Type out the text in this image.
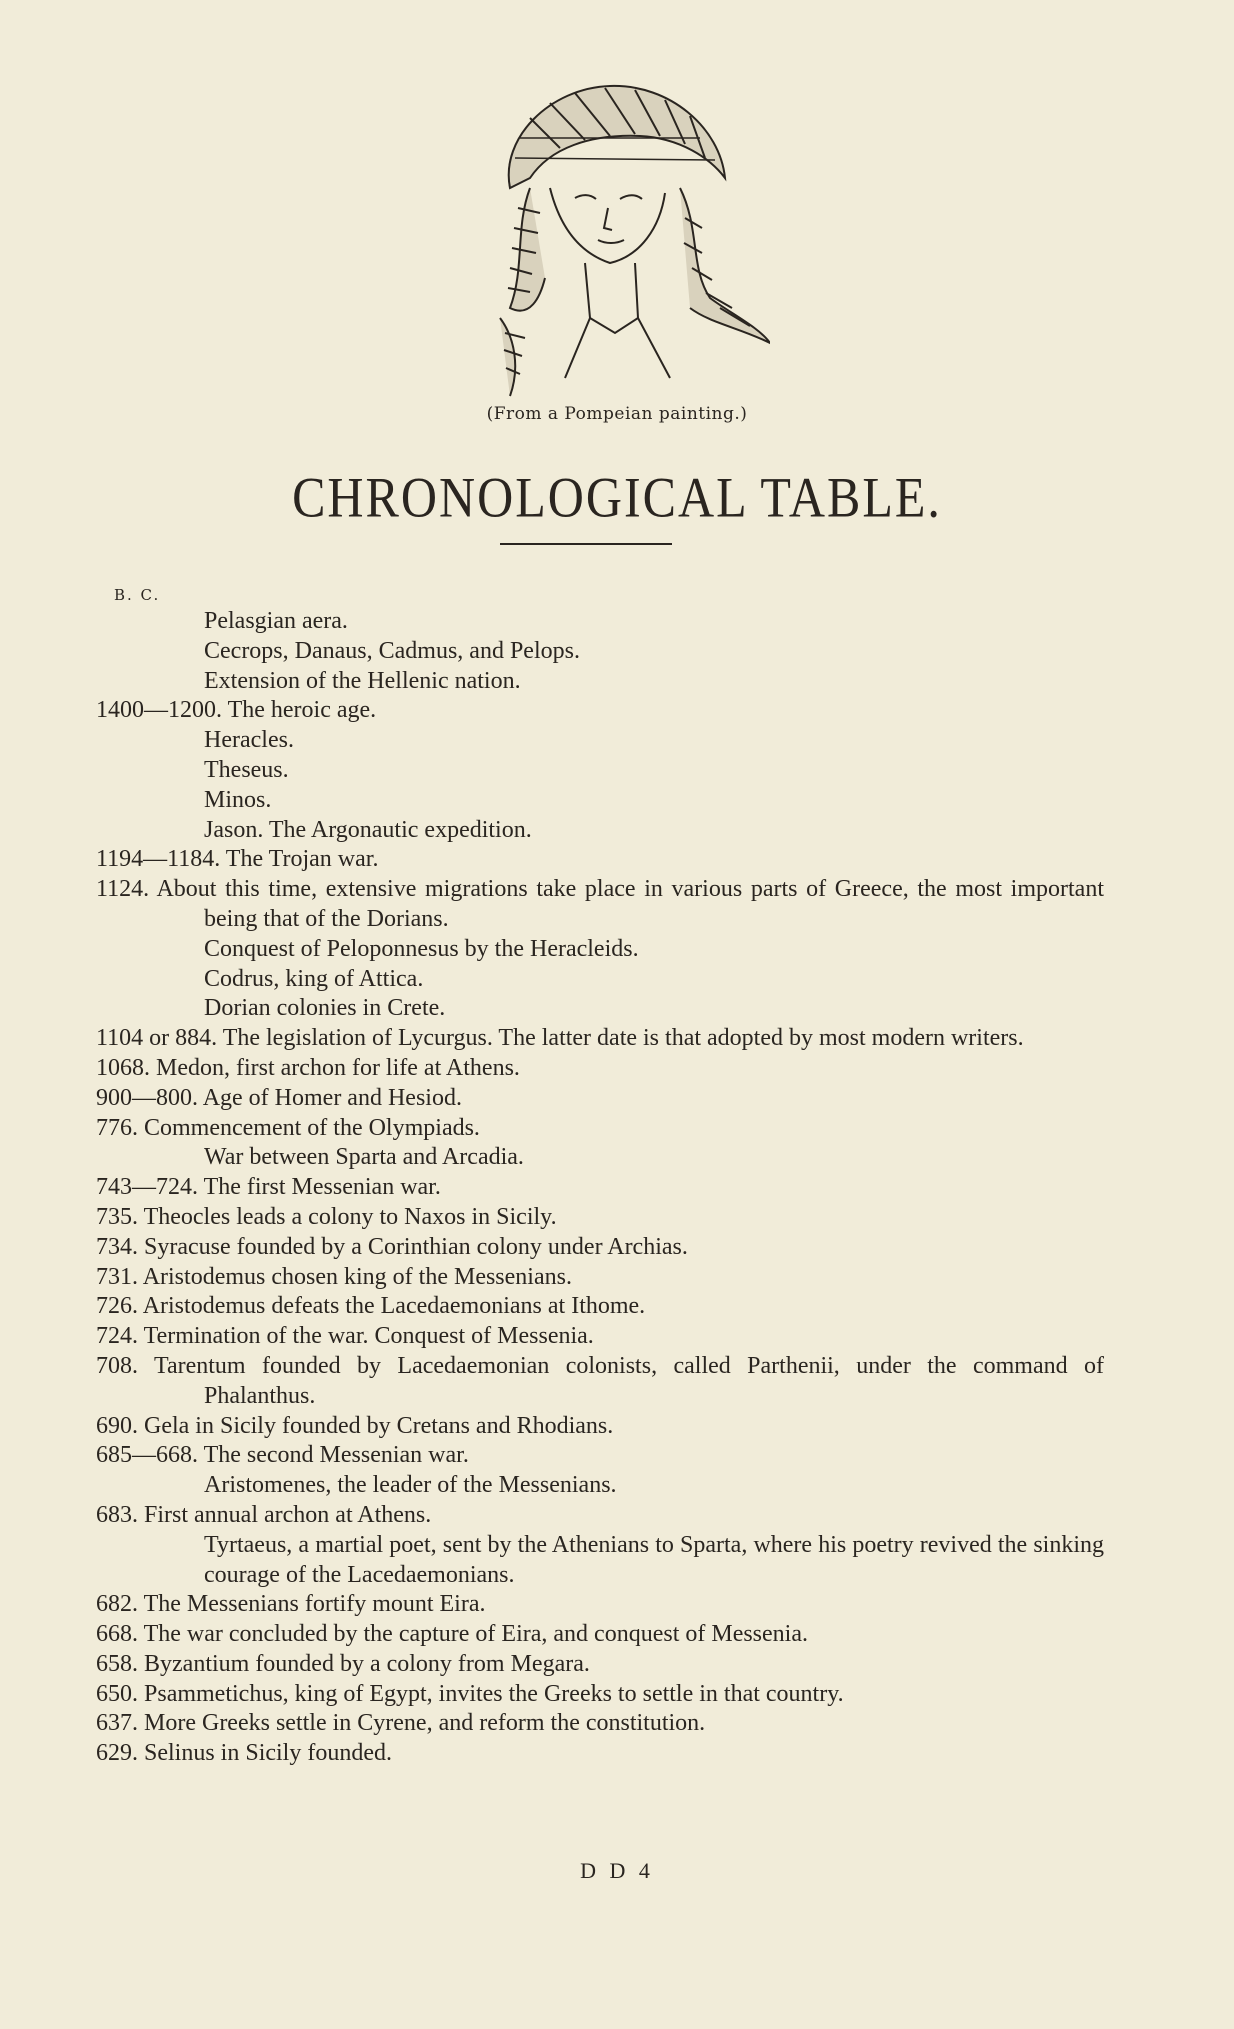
(From a Pompeian painting.)
CHRONOLOGICAL TABLE.
B. C.
Pelasgian aera.
Cecrops, Danaus, Cadmus, and Pelops.
Extension of the Hellenic nation.
1400—1200. The heroic age.
Heracles.
Theseus.
Minos.
Jason. The Argonautic expedition.
1194—1184. The Trojan war.
1124. About this time, extensive migrations take place in various parts of Greece, the most important being that of the Dorians.
Conquest of Peloponnesus by the Heracleids.
Codrus, king of Attica.
Dorian colonies in Crete.
1104 or 884. The legislation of Lycurgus. The latter date is that adopted by most modern writers.
1068. Medon, first archon for life at Athens.
900—800. Age of Homer and Hesiod.
776. Commencement of the Olympiads.
War between Sparta and Arcadia.
743—724. The first Messenian war.
735. Theocles leads a colony to Naxos in Sicily.
734. Syracuse founded by a Corinthian colony under Archias.
731. Aristodemus chosen king of the Messenians.
726. Aristodemus defeats the Lacedaemonians at Ithome.
724. Termination of the war. Conquest of Messenia.
708. Tarentum founded by Lacedaemonian colonists, called Parthenii, under the command of Phalanthus.
690. Gela in Sicily founded by Cretans and Rhodians.
685—668. The second Messenian war.
Aristomenes, the leader of the Messenians.
683. First annual archon at Athens.
Tyrtaeus, a martial poet, sent by the Athenians to Sparta, where his poetry revived the sinking courage of the Lacedaemonians.
682. The Messenians fortify mount Eira.
668. The war concluded by the capture of Eira, and conquest of Messenia.
658. Byzantium founded by a colony from Megara.
650. Psammetichus, king of Egypt, invites the Greeks to settle in that country.
637. More Greeks settle in Cyrene, and reform the constitution.
629. Selinus in Sicily founded.
D D 4
